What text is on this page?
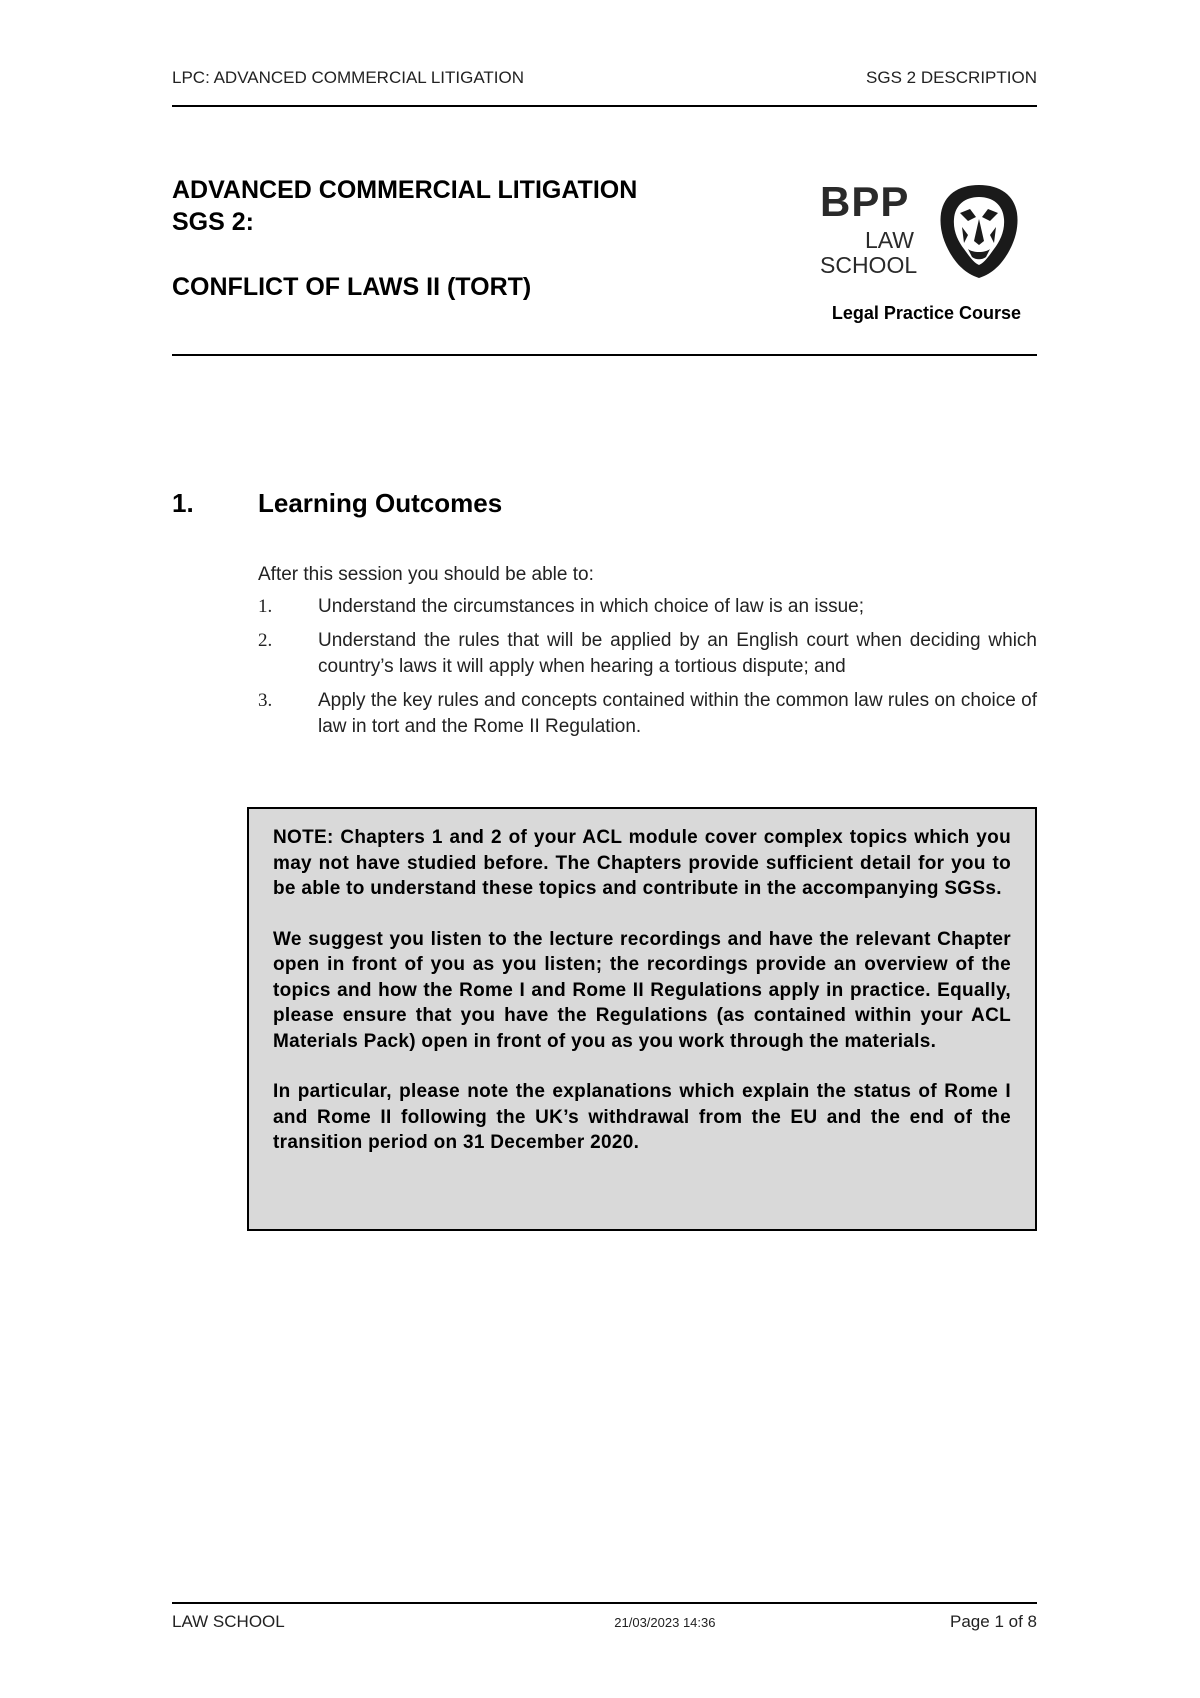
LPC: ADVANCED COMMERCIAL LITIGATION	SGS 2 DESCRIPTION

ADVANCED COMMERCIAL LITIGATION

SGS 2:

CONFLICT OF LAWS II (TORT)

BPP
LAW
SCHOOL
Legal Practice Course
1.	Learning Outcomes

After this session you should be able to:

1.	Understand the circumstances in which choice of law is an issue;
2.	Understand the rules that will be applied by an English court when deciding which country’s laws it will apply when hearing a tortious dispute; and
3.	Apply the key rules and concepts contained within the common law rules on choice of law in tort and the Rome II Regulation.

NOTE: Chapters 1 and 2 of your ACL module cover complex topics which you may not have studied before. The Chapters provide sufficient detail for you to be able to understand these topics and contribute in the accompanying SGSs.

We suggest you listen to the lecture recordings and have the relevant Chapter open in front of you as you listen; the recordings provide an overview of the topics and how the Rome I and Rome II Regulations apply in practice. Equally, please ensure that you have the Regulations (as contained within your ACL Materials Pack) open in front of you as you work through the materials.

In particular, please note the explanations which explain the status of Rome I and Rome II following the UK’s withdrawal from the EU and the end of the transition period on 31 December 2020.

LAW SCHOOL	21/03/2023 14:36	Page 1 of 8
